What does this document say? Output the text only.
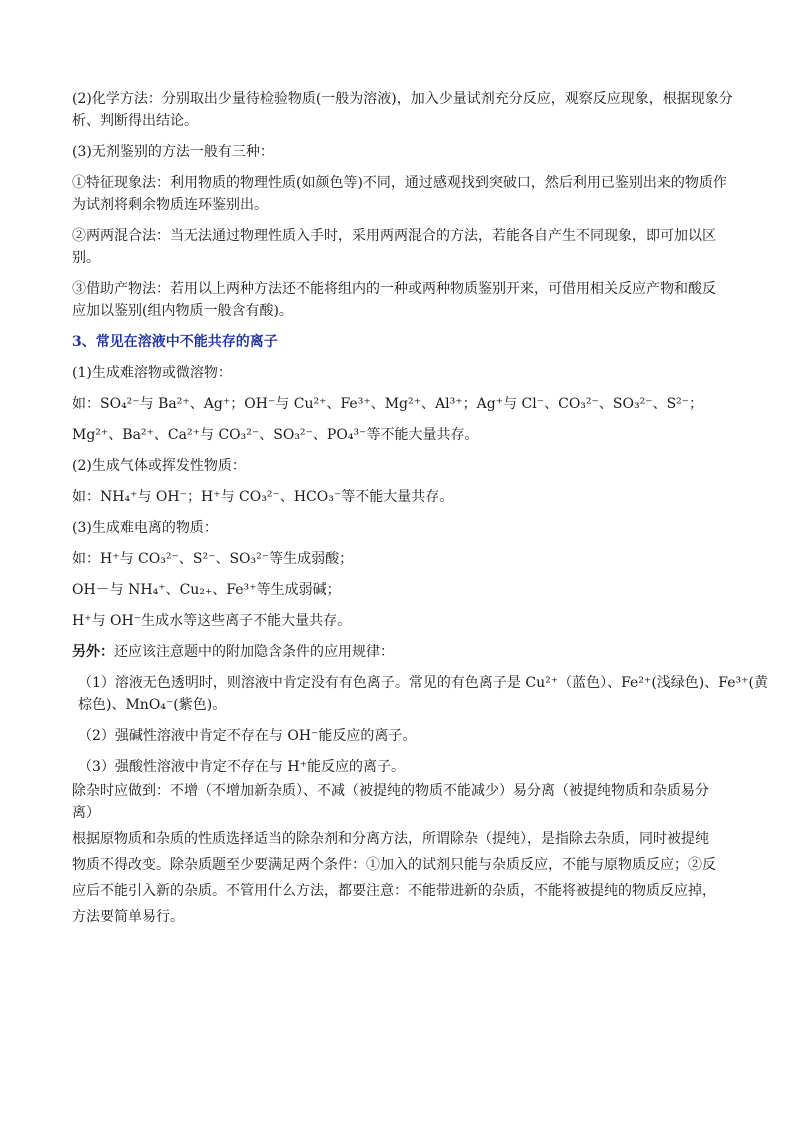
(2)化学方法：分别取出少量待检验物质(一般为溶液)，加入少量试剂充分反应，观察反应现象，根据现象分

析、判断得出结论。

(3)无剂鉴别的方法一般有三种：

①特征现象法：利用物质的物理性质(如颜色等)不同，通过感观找到突破口，然后利用已鉴别出来的物质作

为试剂将剩余物质连环鉴别出。

②两两混合法：当无法通过物理性质入手时，采用两两混合的方法，若能各自产生不同现象，即可加以区

别。

③借助产物法：若用以上两种方法还不能将组内的一种或两种物质鉴别开来，可借用相关反应产物和酸反

应加以鉴别(组内物质一般含有酸)。

3、常见在溶液中不能共存的离子

(1)生成难溶物或微溶物：

如：SO₄²⁻与 Ba²⁺、Ag⁺；OH⁻与 Cu²⁺、Fe³⁺、Mg²⁺、Al³⁺；Ag⁺与 Cl⁻、CO₃²⁻、SO₃²⁻、S²⁻；

Mg²⁺、Ba²⁺、Ca²⁺与 CO₃²⁻、SO₃²⁻、PO₄³⁻等不能大量共存。

(2)生成气体或挥发性物质：

如：NH₄⁺与 OH⁻；H⁺与 CO₃²⁻、HCO₃⁻等不能大量共存。

(3)生成难电离的物质：

如：H⁺与 CO₃²⁻、S²⁻、SO₃²⁻等生成弱酸；

OH－与 NH₄⁺、Cu₂₊、Fe³⁺等生成弱碱；

H⁺与 OH⁻生成水等这些离子不能大量共存。

另外：还应该注意题中的附加隐含条件的应用规律：

（1）溶液无色透明时，则溶液中肯定没有有色离子。常见的有色离子是 Cu²⁺（蓝色）、Fe²⁺(浅绿色)、Fe³⁺(黄

棕色)、MnO₄⁻(紫色)。

（2）强碱性溶液中肯定不存在与 OH⁻能反应的离子。

（3）强酸性溶液中肯定不存在与 H⁺能反应的离子。

除杂时应做到：不增（不增加新杂质）、不减（被提纯的物质不能减少）易分离（被提纯物质和杂质易分

离）

根据原物质和杂质的性质选择适当的除杂剂和分离方法，所谓除杂（提纯），是指除去杂质，同时被提纯

物质不得改变。除杂质题至少要满足两个条件：①加入的试剂只能与杂质反应，不能与原物质反应；②反

应后不能引入新的杂质。不管用什么方法，都要注意：不能带进新的杂质，不能将被提纯的物质反应掉，

方法要简单易行。
